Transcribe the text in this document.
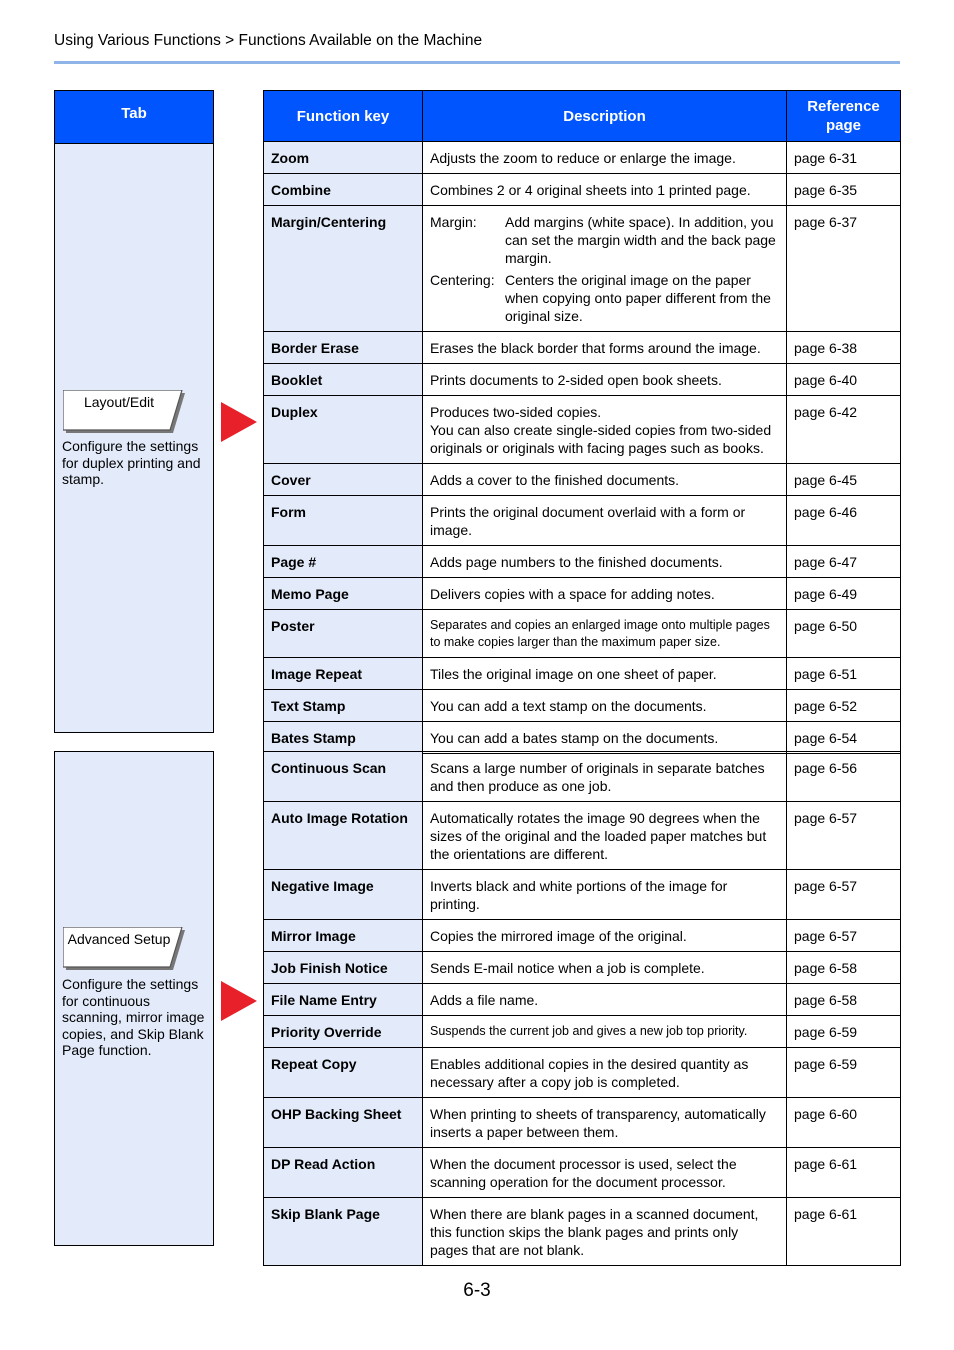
Using Various Functions > Functions Available on the Machine
Tab
Layout/Edit
Configure the settings for duplex printing and stamp.
Function key	Description	Reference page
Zoom	Adjusts the zoom to reduce or enlarge the image.	page 6-31
Combine	Combines 2 or 4 original sheets into 1 printed page.	page 6-35
Margin/Centering	Margin: Add margins (white space). In addition, you can set the margin width and the back page margin.
Centering: Centers the original image on the paper when copying onto paper different from the original size.	page 6-37
Border Erase	Erases the black border that forms around the image.	page 6-38
Booklet	Prints documents to 2-sided open book sheets.	page 6-40
Duplex	Produces two-sided copies.
You can also create single-sided copies from two-sided originals or originals with facing pages such as books.	page 6-42
Cover	Adds a cover to the finished documents.	page 6-45
Form	Prints the original document overlaid with a form or image.	page 6-46
Page #	Adds page numbers to the finished documents.	page 6-47
Memo Page	Delivers copies with a space for adding notes.	page 6-49
Poster	Separates and copies an enlarged image onto multiple pages to make copies larger than the maximum paper size.	page 6-50
Image Repeat	Tiles the original image on one sheet of paper.	page 6-51
Text Stamp	You can add a text stamp on the documents.	page 6-52
Bates Stamp	You can add a bates stamp on the documents.	page 6-54
Advanced Setup
Configure the settings for continuous scanning, mirror image copies, and Skip Blank Page function.
Continuous Scan	Scans a large number of originals in separate batches and then produce as one job.	page 6-56
Auto Image Rotation	Automatically rotates the image 90 degrees when the sizes of the original and the loaded paper matches but the orientations are different.	page 6-57
Negative Image	Inverts black and white portions of the image for printing.	page 6-57
Mirror Image	Copies the mirrored image of the original.	page 6-57
Job Finish Notice	Sends E-mail notice when a job is complete.	page 6-58
File Name Entry	Adds a file name.	page 6-58
Priority Override	Suspends the current job and gives a new job top priority.	page 6-59
Repeat Copy	Enables additional copies in the desired quantity as necessary after a copy job is completed.	page 6-59
OHP Backing Sheet	When printing to sheets of transparency, automatically inserts a paper between them.	page 6-60
DP Read Action	When the document processor is used, select the scanning operation for the document processor.	page 6-61
Skip Blank Page	When there are blank pages in a scanned document, this function skips the blank pages and prints only pages that are not blank.	page 6-61
6-3
